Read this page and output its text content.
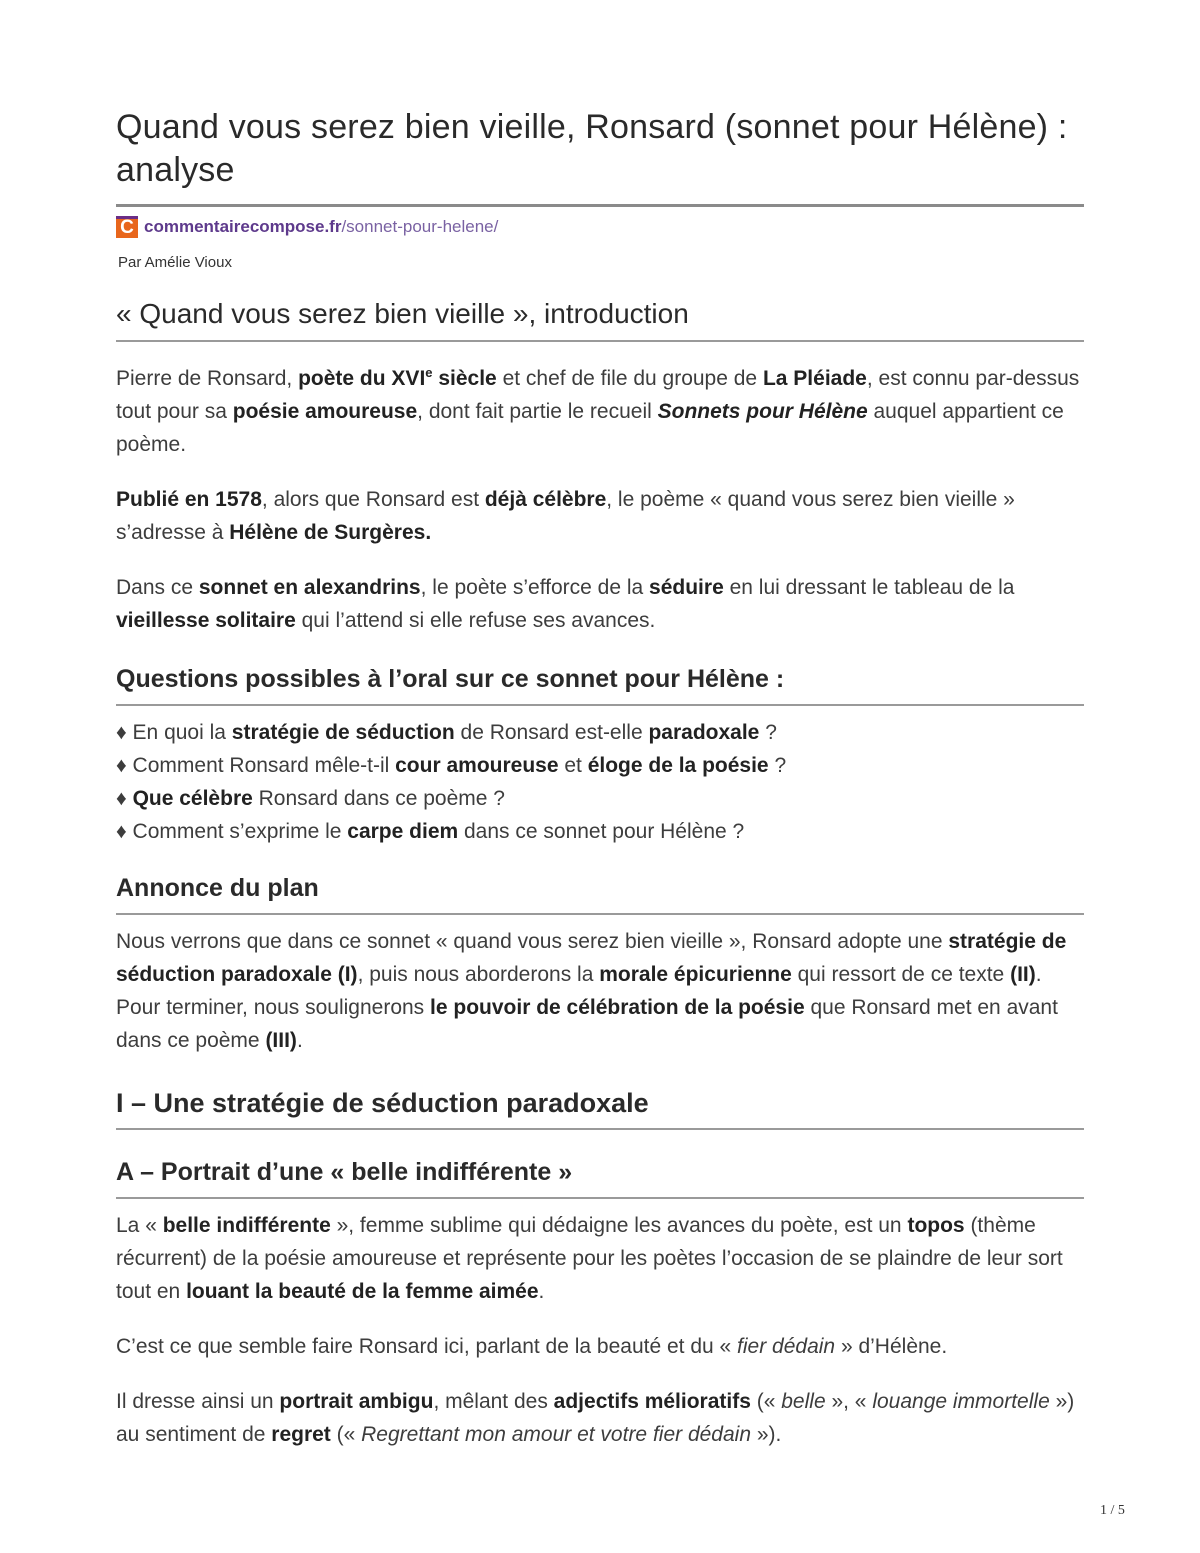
Quand vous serez bien vieille, Ronsard (sonnet pour Hélène) : analyse
C commentairecompose.fr /sonnet-pour-helene/
Par Amélie Vioux
« Quand vous serez bien vieille », introduction

Pierre de Ronsard, poète du XVIe siècle et chef de file du groupe de La Pléiade, est connu par-dessus tout pour sa poésie amoureuse, dont fait partie le recueil Sonnets pour Hélène auquel appartient ce poème.

Publié en 1578, alors que Ronsard est déjà célèbre, le poème « quand vous serez bien vieille » s’adresse à Hélène de Surgères.

Dans ce sonnet en alexandrins, le poète s’efforce de la séduire en lui dressant le tableau de la vieillesse solitaire qui l’attend si elle refuse ses avances.

Questions possibles à l’oral sur ce sonnet pour Hélène :
♦ En quoi la stratégie de séduction de Ronsard est-elle paradoxale ?
♦ Comment Ronsard mêle-t-il cour amoureuse et éloge de la poésie ?
♦ Que célèbre Ronsard dans ce poème ?
♦ Comment s’exprime le carpe diem dans ce sonnet pour Hélène ?
Annonce du plan

Nous verrons que dans ce sonnet « quand vous serez bien vieille », Ronsard adopte une stratégie de séduction paradoxale (I), puis nous aborderons la morale épicurienne qui ressort de ce texte (II). Pour terminer, nous soulignerons le pouvoir de célébration de la poésie que Ronsard met en avant dans ce poème (III).

I – Une stratégie de séduction paradoxale
A – Portrait d’une « belle indifférente »

La « belle indifférente », femme sublime qui dédaigne les avances du poète, est un topos (thème récurrent) de la poésie amoureuse et représente pour les poètes l’occasion de se plaindre de leur sort tout en louant la beauté de la femme aimée.

C’est ce que semble faire Ronsard ici, parlant de la beauté et du « fier dédain » d’Hélène.

Il dresse ainsi un portrait ambigu, mêlant des adjectifs mélioratifs (« belle », « louange immortelle ») au sentiment de regret (« Regrettant mon amour et votre fier dédain »).

1 / 5
